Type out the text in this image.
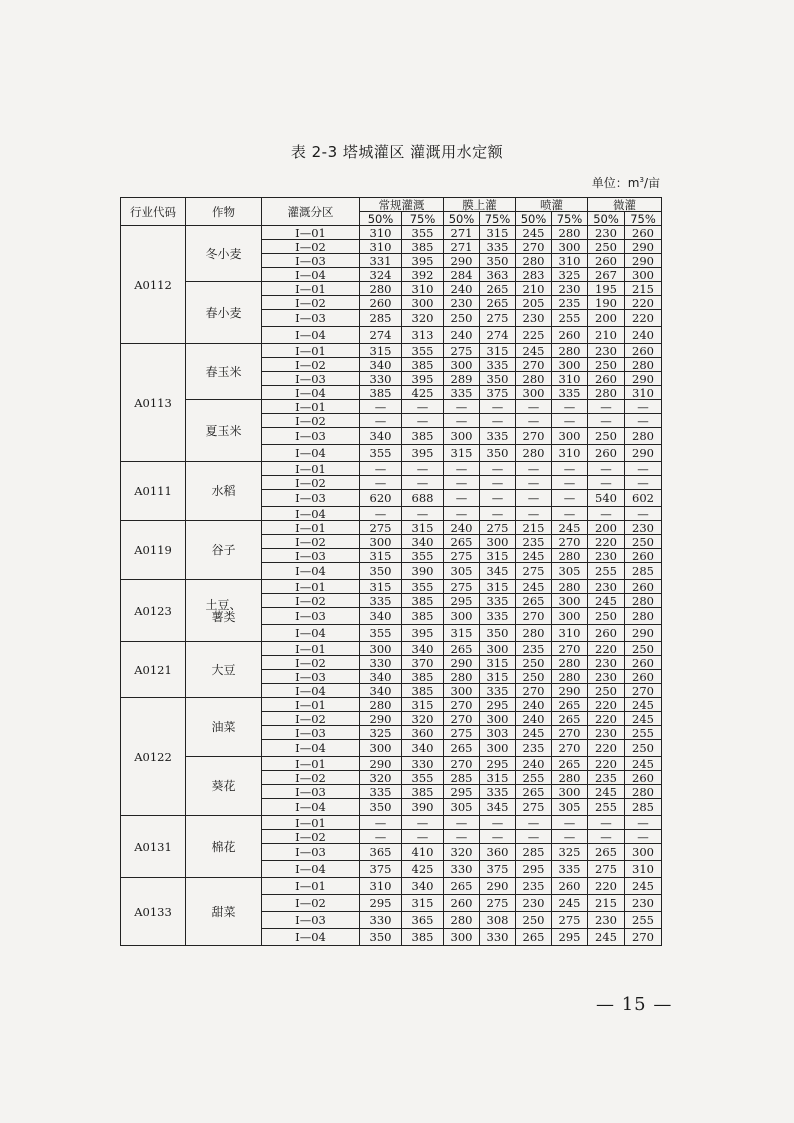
表 2-3 塔城灌区 灌溉用水定额
单位：$m^3/$亩
行业代码	作物	灌溉分区	常规灌溉		膜上灌		喷灌		微灌	
			50%	75%	50%	75%	50%	75%	50%	75%
A0112	冬小麦	Ⅰ—01	310	355	271	315	245	280	230	260
		Ⅰ—02	310	385	271	335	270	300	250	290
		Ⅰ—03	331	395	290	350	280	310	260	290
		Ⅰ—04	324	392	284	363	283	325	267	300
	春小麦	Ⅰ—01	280	310	240	265	210	230	195	215
		Ⅰ—02	260	300	230	265	205	235	190	220
		Ⅰ—03	285	320	250	275	230	255	200	220
		Ⅰ—04	274	313	240	274	225	260	210	240
A0113	春玉米	Ⅰ—01	315	355	275	315	245	280	230	260
		Ⅰ—02	340	385	300	335	270	300	250	280
		Ⅰ—03	330	395	289	350	280	310	260	290
		Ⅰ—04	385	425	335	375	300	335	280	310
	夏玉米	Ⅰ—01	—	—	—	—	—	—	—	—
		Ⅰ—02	—	—	—	—	—	—	—	—
		Ⅰ—03	340	385	300	335	270	300	250	280
		Ⅰ—04	355	395	315	350	280	310	260	290
A0111	水稻	Ⅰ—01	—	—	—	—	—	—	—	—
		Ⅰ—02	—	—	—	—	—	—	—	—
		Ⅰ—03	620	688	—	—	—	—	540	602
		Ⅰ—04	—	—	—	—	—	—	—	—
A0119	谷子	Ⅰ—01	275	315	240	275	215	245	200	230
		Ⅰ—02	300	340	265	300	235	270	220	250
		Ⅰ—03	315	355	275	315	245	280	230	260
		Ⅰ—04	350	390	305	345	275	305	255	285
A0123	土豆、薯类	Ⅰ—01	315	355	275	315	245	280	230	260
		Ⅰ—02	335	385	295	335	265	300	245	280
		Ⅰ—03	340	385	300	335	270	300	250	280
		Ⅰ—04	355	395	315	350	280	310	260	290
A0121	大豆	Ⅰ—01	300	340	265	300	235	270	220	250
		Ⅰ—02	330	370	290	315	250	280	230	260
		Ⅰ—03	340	385	280	315	250	280	230	260
		Ⅰ—04	340	385	300	335	270	290	250	270
A0122	油菜	Ⅰ—01	280	315	270	295	240	265	220	245
		Ⅰ—02	290	320	270	300	240	265	220	245
		Ⅰ—03	325	360	275	303	245	270	230	255
		Ⅰ—04	300	340	265	300	235	270	220	250
	葵花	Ⅰ—01	290	330	270	295	240	265	220	245
		Ⅰ—02	320	355	285	315	255	280	235	260
		Ⅰ—03	335	385	295	335	265	300	245	280
		Ⅰ—04	350	390	305	345	275	305	255	285
A0131	棉花	Ⅰ—01	—	—	—	—	—	—	—	—
		Ⅰ—02	—	—	—	—	—	—	—	—
		Ⅰ—03	365	410	320	360	285	325	265	300
		Ⅰ—04	375	425	330	375	295	335	275	310
A0133	甜菜	Ⅰ—01	310	340	265	290	235	260	220	245
		Ⅰ—02	295	315	260	275	230	245	215	230
		Ⅰ—03	330	365	280	308	250	275	230	255
		Ⅰ—04	350	385	300	330	265	295	245	270
— 15 —
